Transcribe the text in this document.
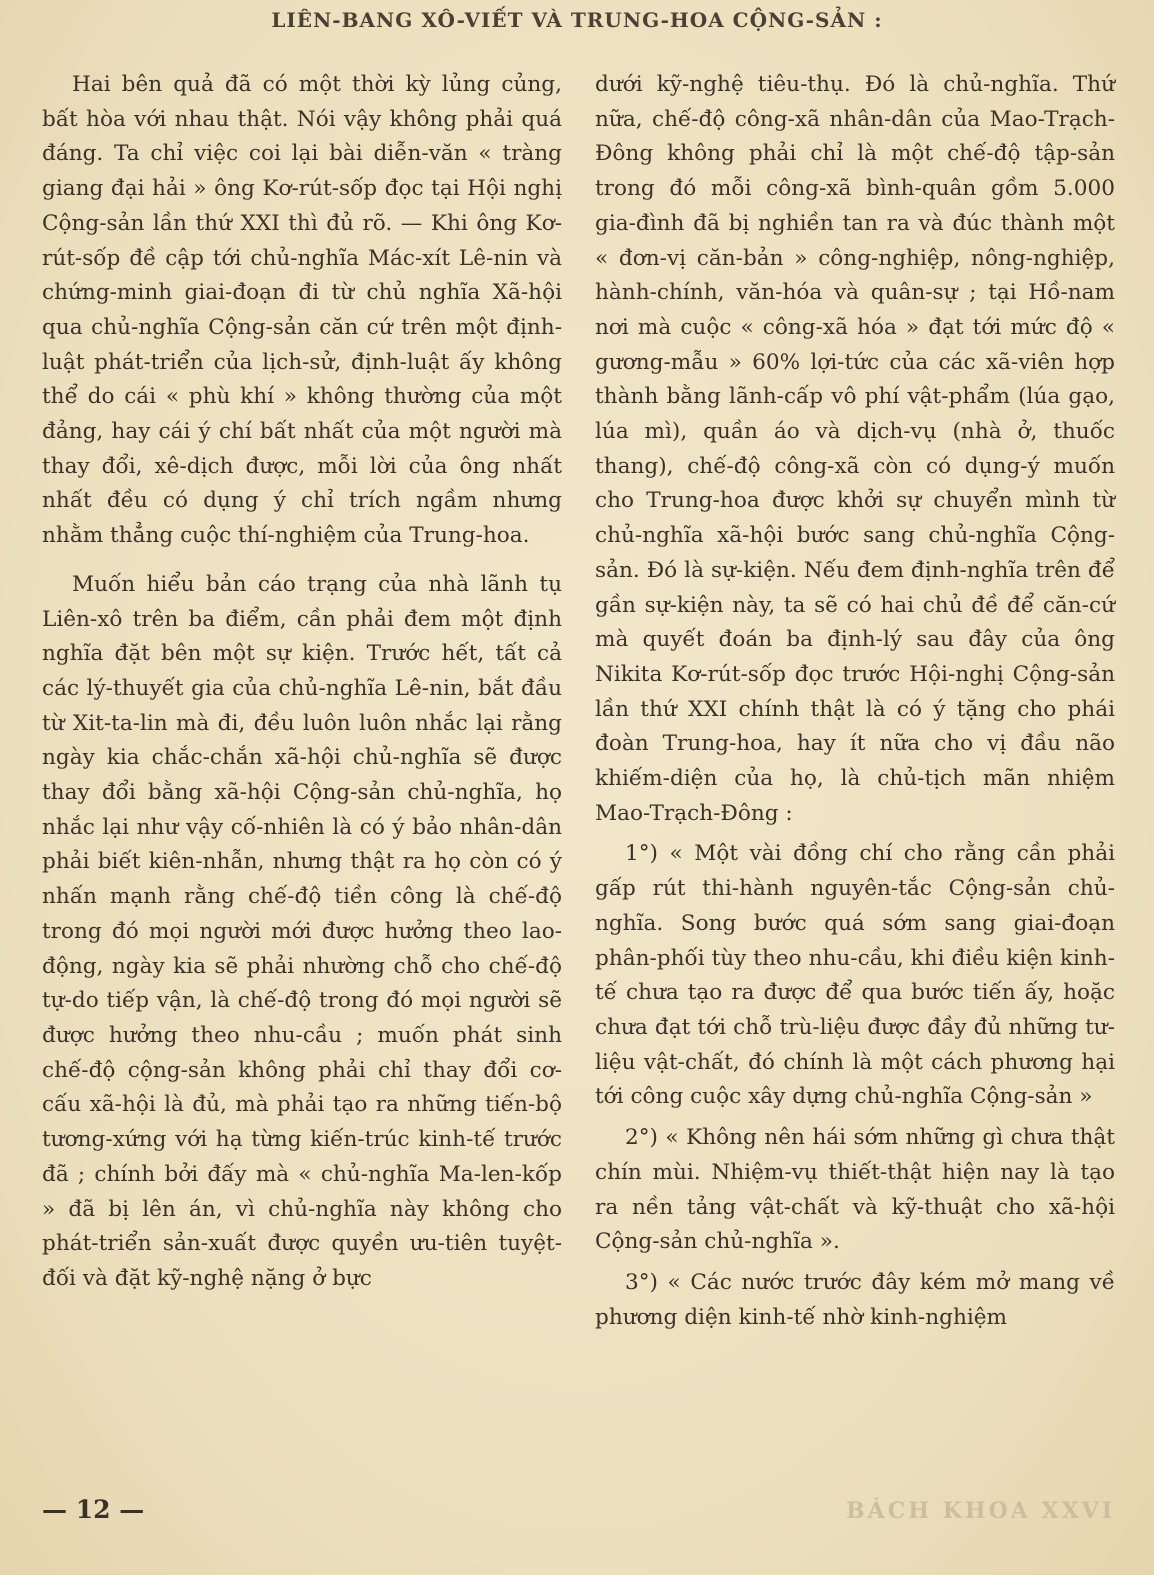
LIÊN-BANG XÔ-VIẾT VÀ TRUNG-HOA CỘNG-SẢN :

Hai bên quả đã có một thời kỳ lủng củng, bất hòa với nhau thật. Nói vậy không phải quá đáng. Ta chỉ việc coi lại bài diễn-văn « tràng giang đại hải » ông Kơ-rút-sốp đọc tại Hội nghị Cộng-sản lần thứ XXI thì đủ rõ. — Khi ông Kơ-rút-sốp đề cập tới chủ-nghĩa Mác-xít Lê-nin và chứng-minh giai-đoạn đi từ chủ nghĩa Xã-hội qua chủ-nghĩa Cộng-sản căn cứ trên một định-luật phát-triển của lịch-sử, định-luật ấy không thể do cái « phù khí » không thường của một đảng, hay cái ý chí bất nhất của một người mà thay đổi, xê-dịch được, mỗi lời của ông nhất nhất đều có dụng ý chỉ trích ngầm nhưng nhằm thẳng cuộc thí-nghiệm của Trung-hoa.

Muốn hiểu bản cáo trạng của nhà lãnh tụ Liên-xô trên ba điểm, cần phải đem một định nghĩa đặt bên một sự kiện. Trước hết, tất cả các lý-thuyết gia của chủ-nghĩa Lê-nin, bắt đầu từ Xit-ta-lin mà đi, đều luôn luôn nhắc lại rằng ngày kia chắc-chắn xã-hội chủ-nghĩa sẽ được thay đổi bằng xã-hội Cộng-sản chủ-nghĩa, họ nhắc lại như vậy cố-nhiên là có ý bảo nhân-dân phải biết kiên-nhẫn, nhưng thật ra họ còn có ý nhấn mạnh rằng chế-độ tiền công là chế-độ trong đó mọi người mới được hưởng theo lao-động, ngày kia sẽ phải nhường chỗ cho chế-độ tự-do tiếp vận, là chế-độ trong đó mọi người sẽ được hưởng theo nhu-cầu ; muốn phát sinh chế-độ cộng-sản không phải chỉ thay đổi cơ-cấu xã-hội là đủ, mà phải tạo ra những tiến-bộ tương-xứng với hạ từng kiến-trúc kinh-tế trước đã ; chính bởi đấy mà « chủ-nghĩa Ma-len-kốp » đã bị lên án, vì chủ-nghĩa này không cho phát-triển sản-xuất được quyền ưu-tiên tuyệt-đối và đặt kỹ-nghệ nặng ở bực

dưới kỹ-nghệ tiêu-thụ. Đó là chủ-nghĩa. Thứ nữa, chế-độ công-xã nhân-dân của Mao-Trạch-Đông không phải chỉ là một chế-độ tập-sản trong đó mỗi công-xã bình-quân gồm 5.000 gia-đình đã bị nghiền tan ra và đúc thành một « đơn-vị căn-bản » công-nghiệp, nông-nghiệp, hành-chính, văn-hóa và quân-sự ; tại Hồ-nam nơi mà cuộc « công-xã hóa » đạt tới mức độ « gương-mẫu » 60% lợi-tức của các xã-viên hợp thành bằng lãnh-cấp vô phí vật-phẩm (lúa gạo, lúa mì), quần áo và dịch-vụ (nhà ở, thuốc thang), chế-độ công-xã còn có dụng-ý muốn cho Trung-hoa được khởi sự chuyển mình từ chủ-nghĩa xã-hội bước sang chủ-nghĩa Cộng-sản. Đó là sự-kiện. Nếu đem định-nghĩa trên để gần sự-kiện này, ta sẽ có hai chủ đề để căn-cứ mà quyết đoán ba định-lý sau đây của ông Nikita Kơ-rút-sốp đọc trước Hội-nghị Cộng-sản lần thứ XXI chính thật là có ý tặng cho phái đoàn Trung-hoa, hay ít nữa cho vị đầu não khiếm-diện của họ, là chủ-tịch mãn nhiệm Mao-Trạch-Đông :

1°) « Một vài đồng chí cho rằng cần phải gấp rút thi-hành nguyên-tắc Cộng-sản chủ-nghĩa. Song bước quá sớm sang giai-đoạn phân-phối tùy theo nhu-cầu, khi điều kiện kinh-tế chưa tạo ra được để qua bước tiến ấy, hoặc chưa đạt tới chỗ trù-liệu được đầy đủ những tư-liệu vật-chất, đó chính là một cách phương hại tới công cuộc xây dựng chủ-nghĩa Cộng-sản »

2°) « Không nên hái sớm những gì chưa thật chín mùi. Nhiệm-vụ thiết-thật hiện nay là tạo ra nền tảng vật-chất và kỹ-thuật cho xã-hội Cộng-sản chủ-nghĩa ».

3°) « Các nước trước đây kém mở mang về phương diện kinh-tế nhờ kinh-nghiệm

— 12 —	BÁCH KHOA XXVI
